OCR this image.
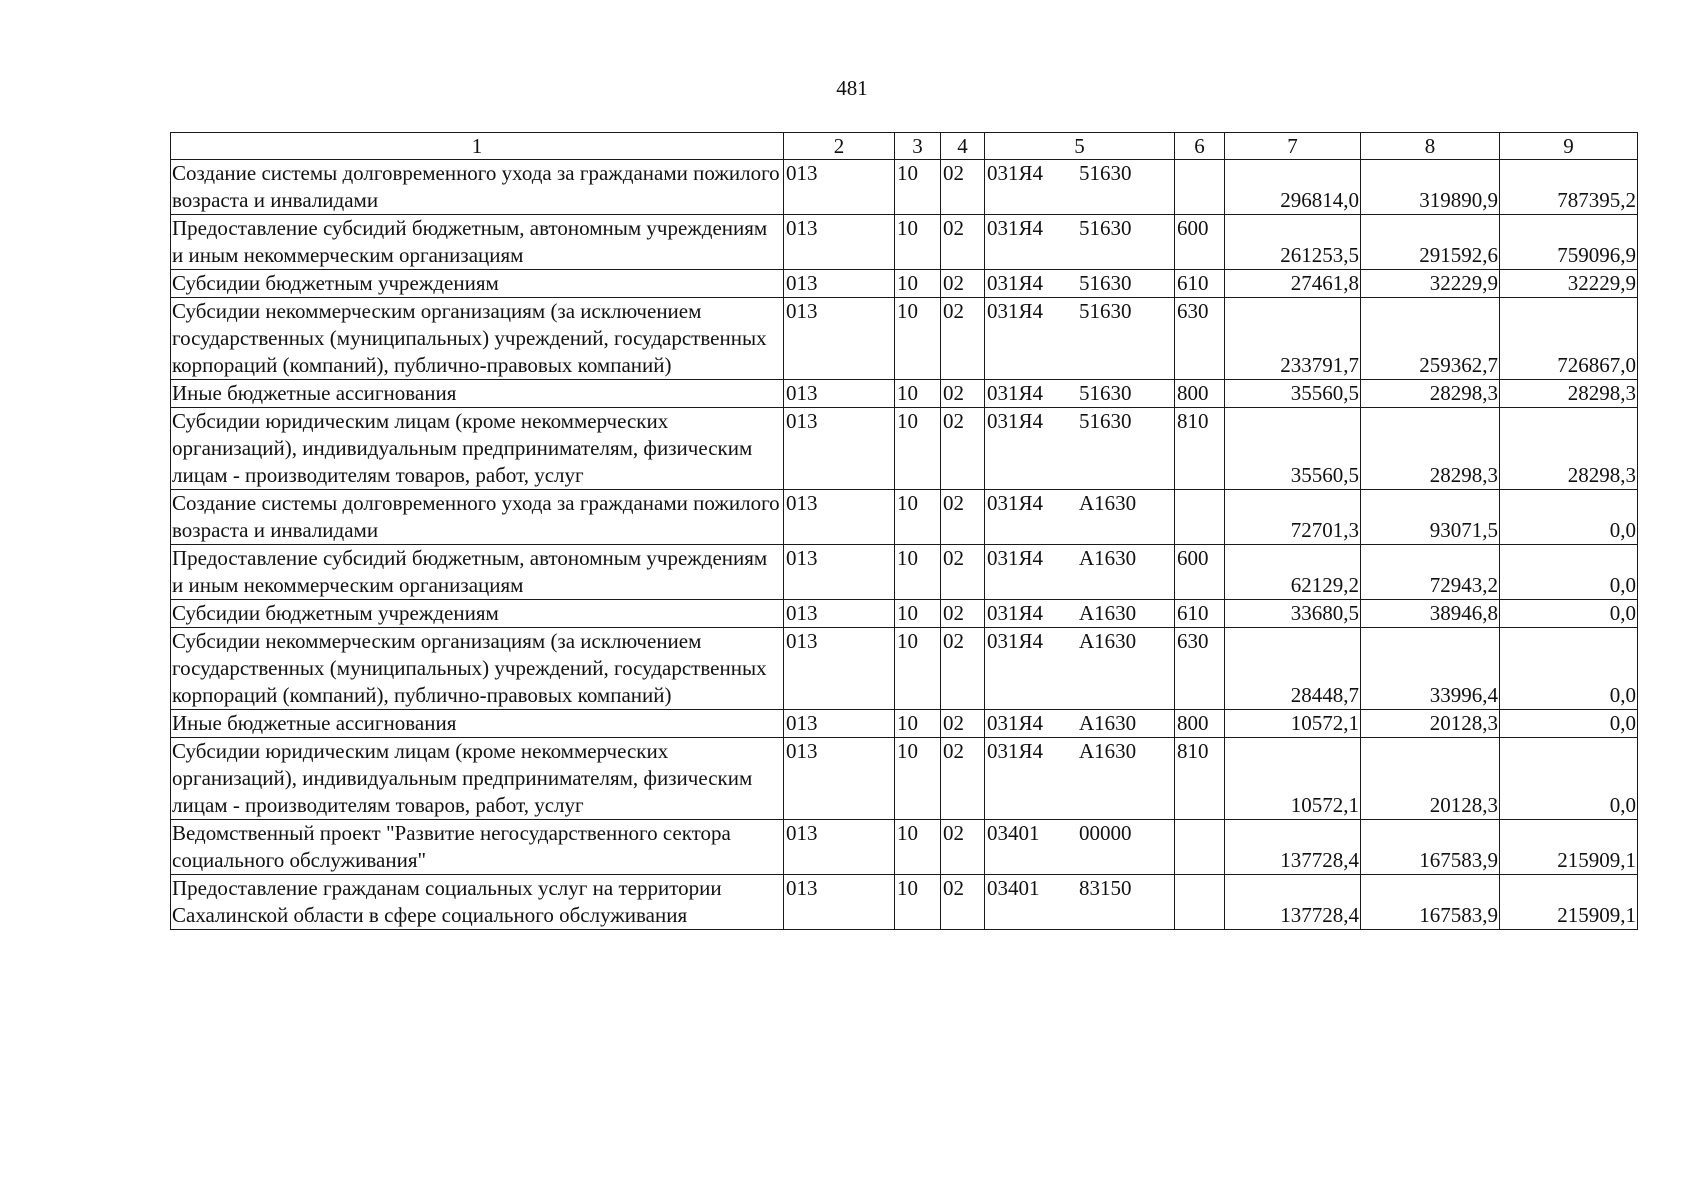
481
1	2	3	4	5	6	7	8	9
Создание системы долговременного ухода за гражданами пожилого возраста и инвалидами	013	10	02	031Я4 51630		296814,0	319890,9	787395,2
Предоставление субсидий бюджетным, автономным учреждениям и иным некоммерческим организациям	013	10	02	031Я4 51630	600	261253,5	291592,6	759096,9
Субсидии бюджетным учреждениям	013	10	02	031Я4 51630	610	27461,8	32229,9	32229,9
Субсидии некоммерческим организациям (за исключением государственных (муниципальных) учреждений, государственных корпораций (компаний), публично-правовых компаний)	013	10	02	031Я4 51630	630	233791,7	259362,7	726867,0
Иные бюджетные ассигнования	013	10	02	031Я4 51630	800	35560,5	28298,3	28298,3
Субсидии юридическим лицам (кроме некоммерческих организаций), индивидуальным предпринимателям, физическим лицам - производителям товаров, работ, услуг	013	10	02	031Я4 51630	810	35560,5	28298,3	28298,3
Создание системы долговременного ухода за гражданами пожилого возраста и инвалидами	013	10	02	031Я4 А1630		72701,3	93071,5	0,0
Предоставление субсидий бюджетным, автономным учреждениям и иным некоммерческим организациям	013	10	02	031Я4 А1630	600	62129,2	72943,2	0,0
Субсидии бюджетным учреждениям	013	10	02	031Я4 А1630	610	33680,5	38946,8	0,0
Субсидии некоммерческим организациям (за исключением государственных (муниципальных) учреждений, государственных корпораций (компаний), публично-правовых компаний)	013	10	02	031Я4 А1630	630	28448,7	33996,4	0,0
Иные бюджетные ассигнования	013	10	02	031Я4 А1630	800	10572,1	20128,3	0,0
Субсидии юридическим лицам (кроме некоммерческих организаций), индивидуальным предпринимателям, физическим лицам - производителям товаров, работ, услуг	013	10	02	031Я4 А1630	810	10572,1	20128,3	0,0
Ведомственный проект "Развитие негосударственного сектора социального обслуживания"	013	10	02	03401 00000		137728,4	167583,9	215909,1
Предоставление гражданам социальных услуг на территории Сахалинской области в сфере социального обслуживания	013	10	02	03401 83150		137728,4	167583,9	215909,1
